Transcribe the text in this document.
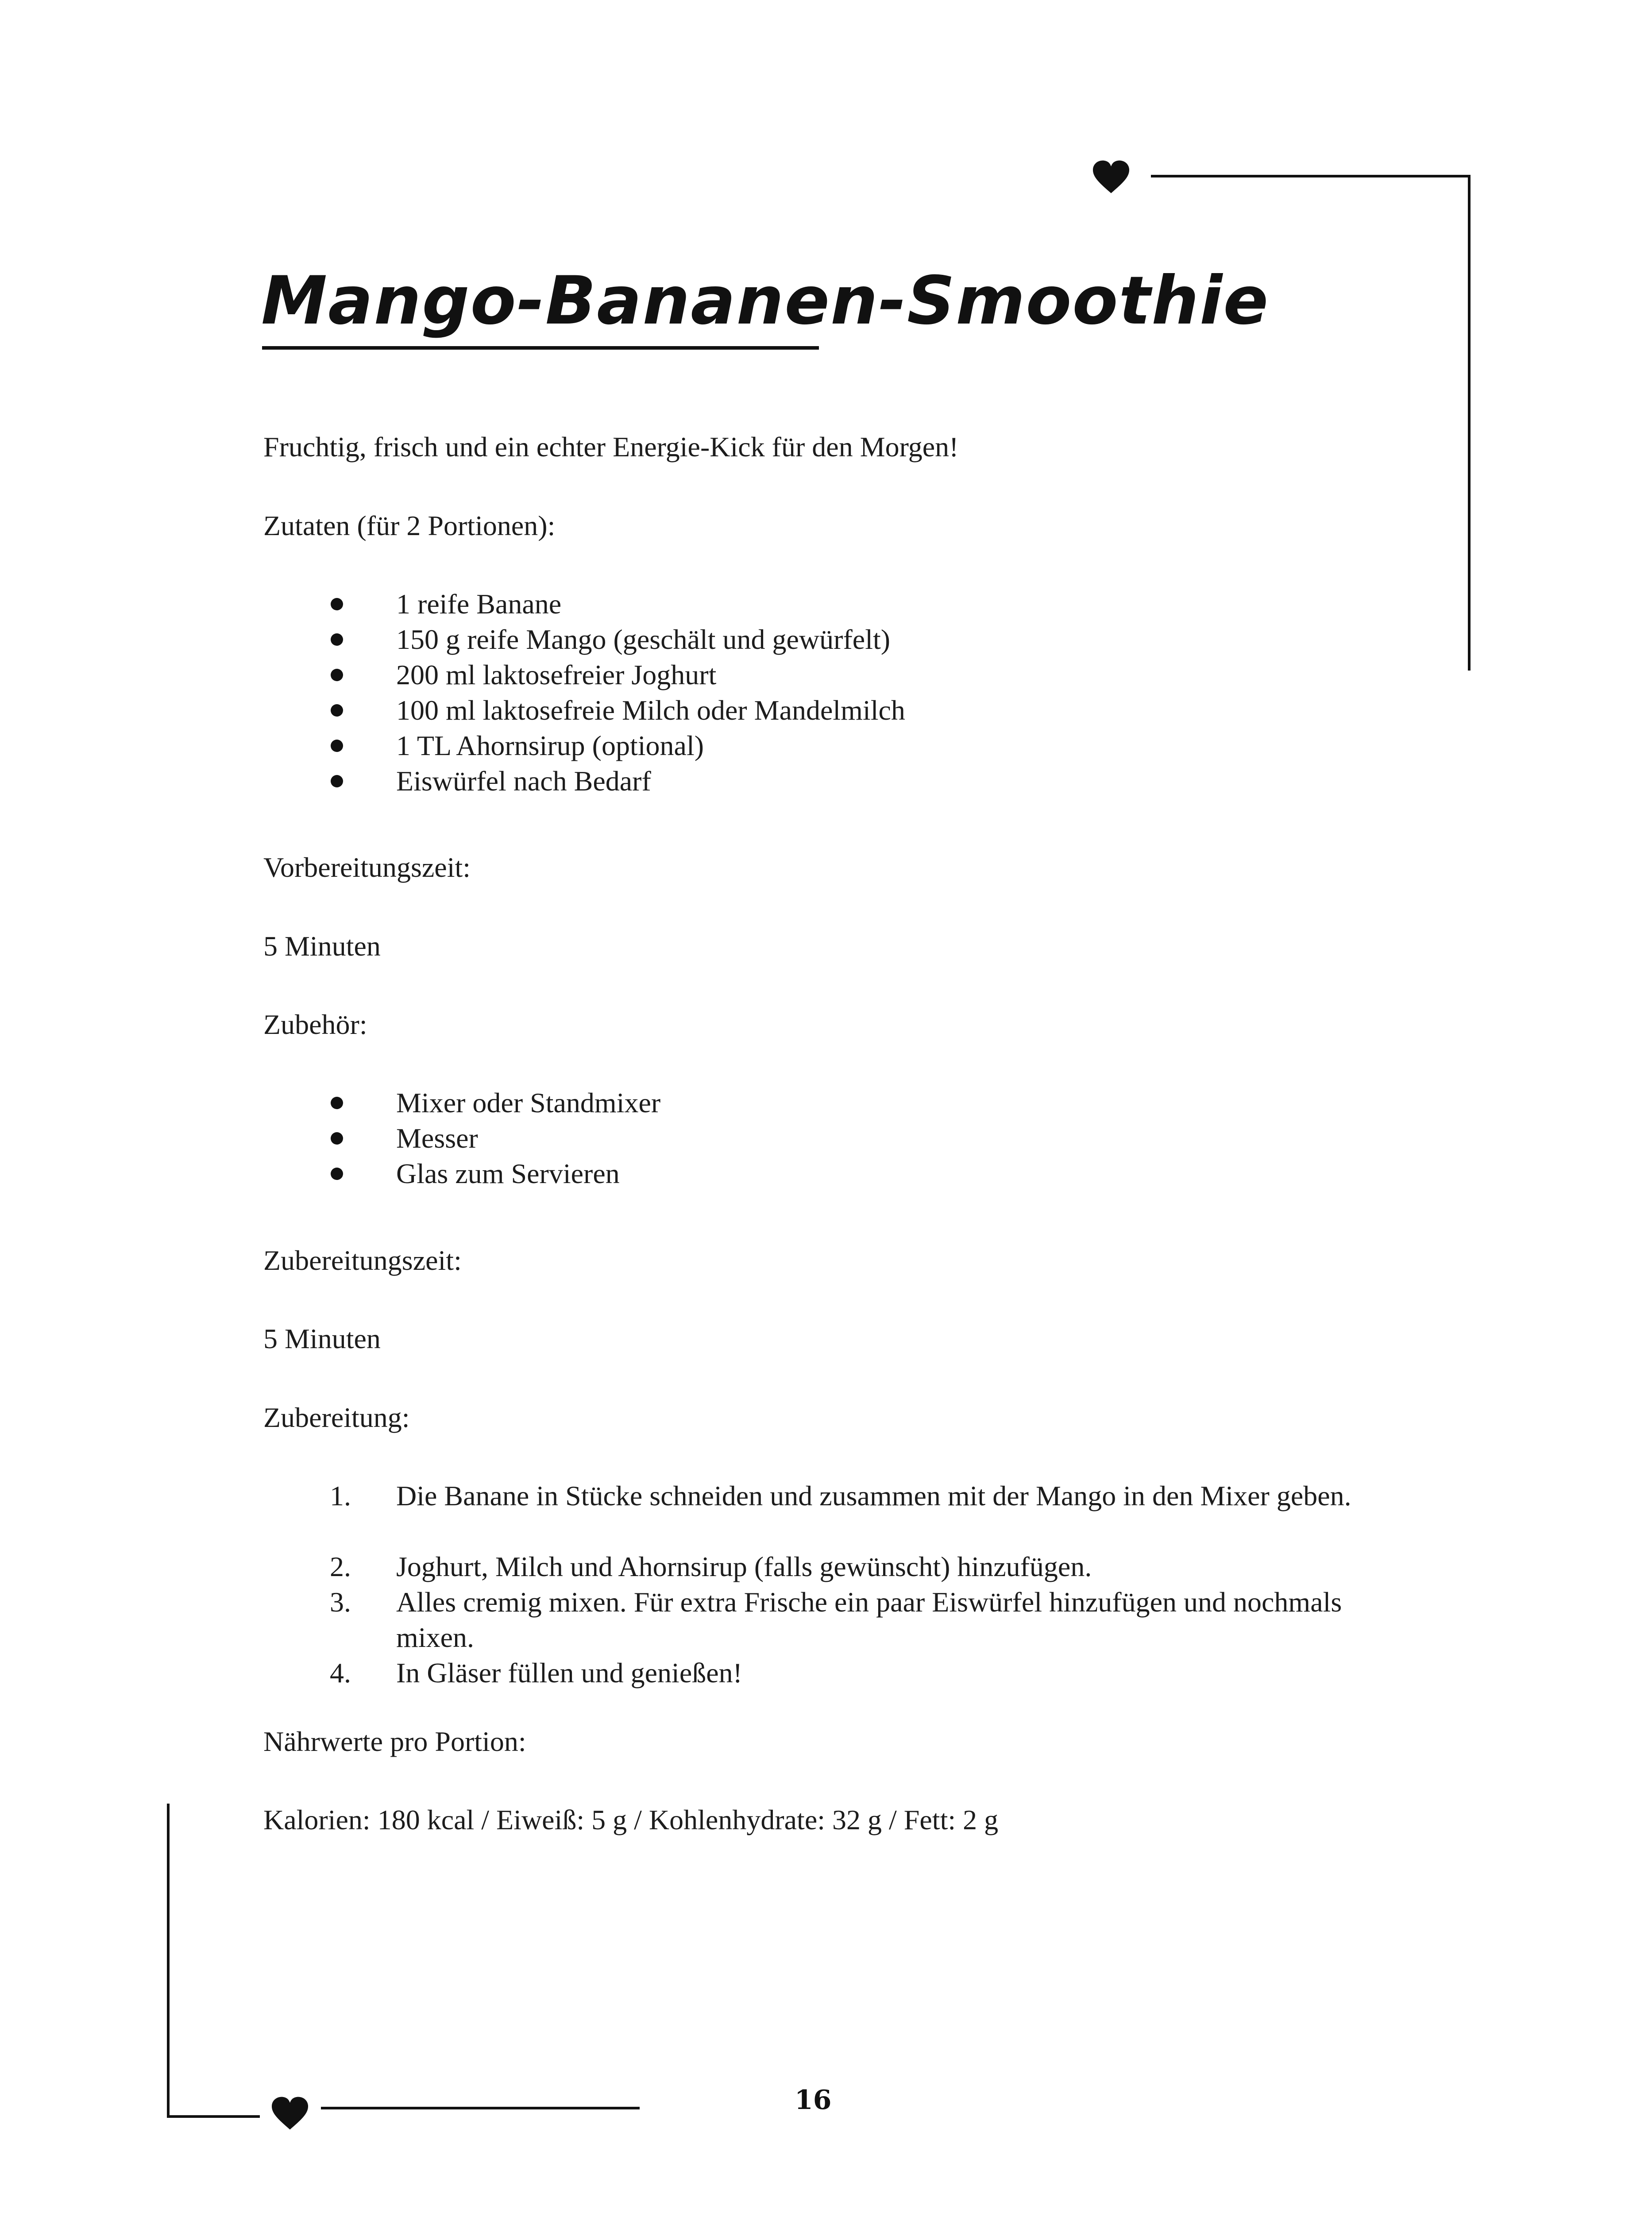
Mango-Bananen-Smoothie
Fruchtig, frisch und ein echter Energie-Kick für den Morgen!
Zutaten (für 2 Portionen):
1 reife Banane
150 g reife Mango (geschält und gewürfelt)
200 ml laktosefreier Joghurt
100 ml laktosefreie Milch oder Mandelmilch
1 TL Ahornsirup (optional)
Eiswürfel nach Bedarf
Vorbereitungszeit:
5 Minuten
Zubehör:
Mixer oder Standmixer
Messer
Glas zum Servieren
Zubereitungszeit:
5 Minuten
Zubereitung:
1.	Die Banane in Stücke schneiden und zusammen mit der Mango in den Mixer geben.
2.	Joghurt, Milch und Ahornsirup (falls gewünscht) hinzufügen.
3.	Alles cremig mixen. Für extra Frische ein paar Eiswürfel hinzufügen und nochmals mixen.
4.	In Gläser füllen und genießen!
Nährwerte pro Portion:
Kalorien: 180 kcal / Eiweiß: 5 g / Kohlenhydrate: 32 g / Fett: 2 g
16
